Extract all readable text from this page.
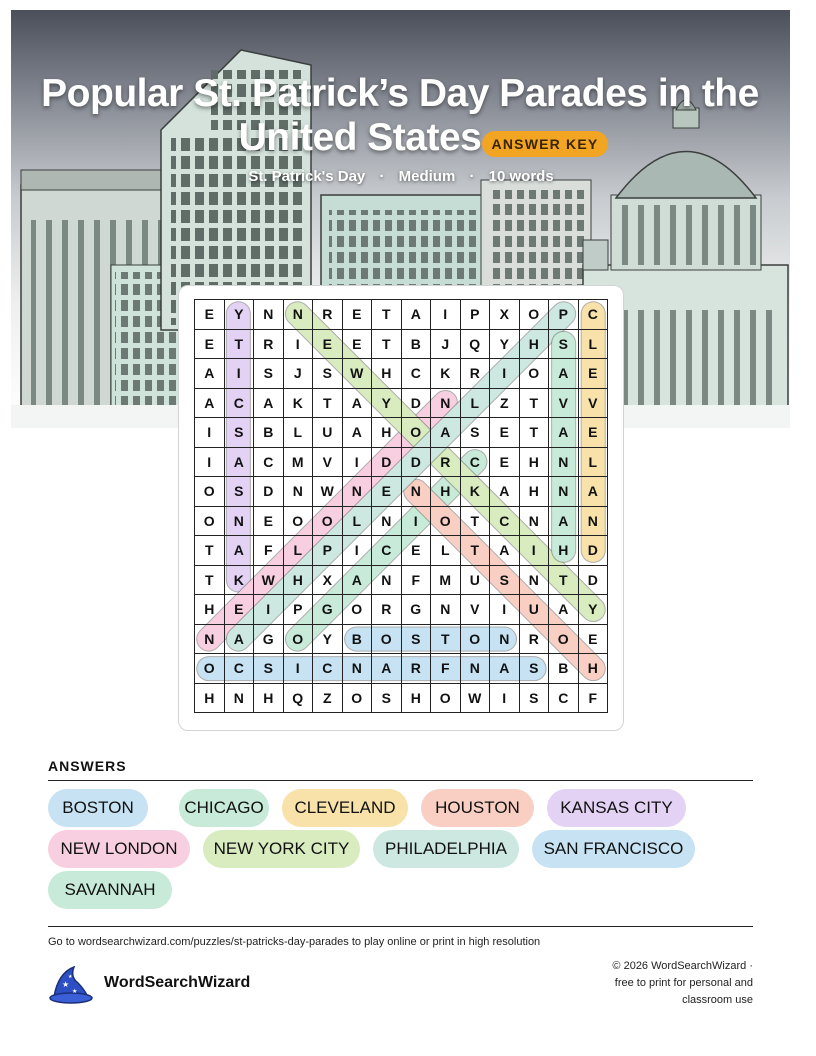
Popular St. Patrick’s Day Parades in the

United States ANSWER KEY
St. Patrick's Day · Medium · 10 words
E	Y	N	N	R	E	T	A	I	P	X	O	P	C
E	T	R	I	E	E	T	B	J	Q	Y	H	S	L
A	I	S	J	S	W	H	C	K	R	I	O	A	E
A	C	A	K	T	A	Y	D	N	L	Z	T	V	V
I	S	B	L	U	A	H	O	A	S	E	T	A	E
I	A	C	M	V	I	D	D	R	C	E	H	N	L
O	S	D	N	W	N	E	N	H	K	A	H	N	A
O	N	E	O	O	L	N	I	O	T	C	N	A	N
T	A	F	L	P	I	C	E	L	T	A	I	H	D
T	K	W	H	X	A	N	F	M	U	S	N	T	D
H	E	I	P	G	O	R	G	N	V	I	U	A	Y
N	A	G	O	Y	B	O	S	T	O	N	R	O	E
O	C	S	I	C	N	A	R	F	N	A	S	B	H
H	N	H	Q	Z	O	S	H	O	W	I	S	C	F
ANSWERS
BOSTON	CHICAGO	CLEVELAND	HOUSTON	KANSAS CITY
NEW LONDON	NEW YORK CITY	PHILADELPHIA	SAN FRANCISCO
SAVANNAH
Go to wordsearchwizard.com/puzzles/st-patricks-day-parades to play online or print in high resolution
★
★
★ WordSearchWizard
© 2026 WordSearchWizard ·
free to print for personal and
classroom use
